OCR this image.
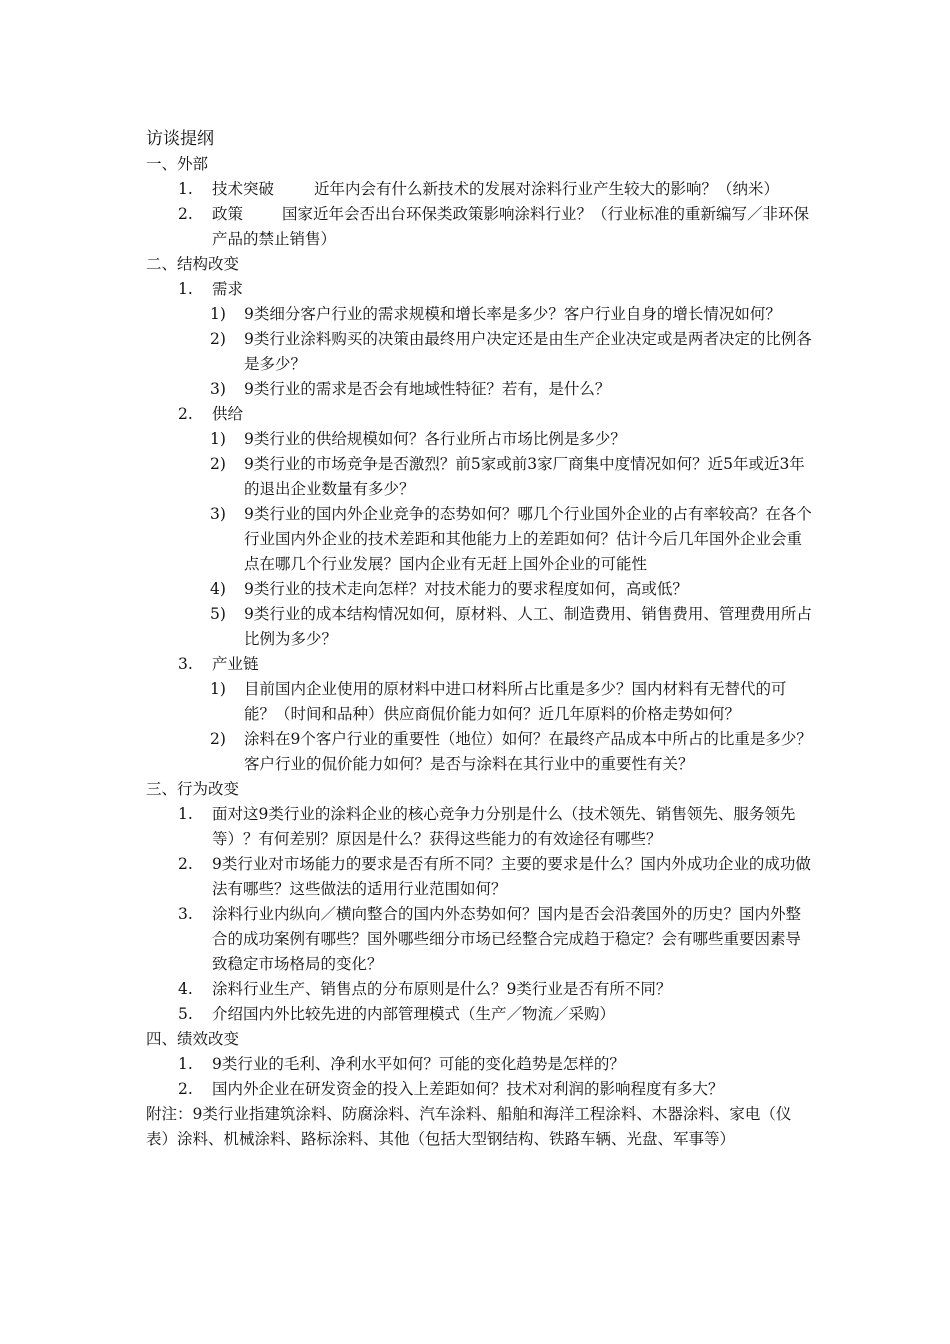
访谈提纲
一、外部
1.	技术突破	近年内会有什么新技术的发展对涂料行业产生较大的影响？（纳米）
2.	政策	国家近年会否出台环保类政策影响涂料行业？（行业标准的重新编写／非环保产品的禁止销售）
二、结构改变
1.	需求
1)	9类细分客户行业的需求规模和增长率是多少？客户行业自身的增长情况如何？
2)	9类行业涂料购买的决策由最终用户决定还是由生产企业决定或是两者决定的比例各是多少？
3)	9类行业的需求是否会有地域性特征？若有，是什么？
2.	供给
1)	9类行业的供给规模如何？各行业所占市场比例是多少？
2)	9类行业的市场竞争是否激烈？前5家或前3家厂商集中度情况如何？近5年或近3年的退出企业数量有多少？
3)	9类行业的国内外企业竞争的态势如何？哪几个行业国外企业的占有率较高？在各个行业国内外企业的技术差距和其他能力上的差距如何？估计今后几年国外企业会重点在哪几个行业发展？国内企业有无赶上国外企业的可能性
4)	9类行业的技术走向怎样？对技术能力的要求程度如何，高或低？
5)	9类行业的成本结构情况如何，原材料、人工、制造费用、销售费用、管理费用所占比例为多少？
3.	产业链
1)	目前国内企业使用的原材料中进口材料所占比重是多少？国内材料有无替代的可能？（时间和品种）供应商侃价能力如何？近几年原料的价格走势如何？
2)	涂料在9个客户行业的重要性（地位）如何？在最终产品成本中所占的比重是多少？客户行业的侃价能力如何？是否与涂料在其行业中的重要性有关？
三、行为改变
1.	面对这9类行业的涂料企业的核心竞争力分别是什么（技术领先、销售领先、服务领先等）？有何差别？原因是什么？获得这些能力的有效途径有哪些？
2.	9类行业对市场能力的要求是否有所不同？主要的要求是什么？国内外成功企业的成功做法有哪些？这些做法的适用行业范围如何？
3.	涂料行业内纵向／横向整合的国内外态势如何？国内是否会沿袭国外的历史？国内外整合的成功案例有哪些？国外哪些细分市场已经整合完成趋于稳定？会有哪些重要因素导致稳定市场格局的变化？
4.	涂料行业生产、销售点的分布原则是什么？9类行业是否有所不同？
5.	介绍国内外比较先进的内部管理模式（生产／物流／采购）
四、绩效改变
1.	9类行业的毛利、净利水平如何？可能的变化趋势是怎样的？
2.	国内外企业在研发资金的投入上差距如何？技术对利润的影响程度有多大？
附注：9类行业指建筑涂料、防腐涂料、汽车涂料、船舶和海洋工程涂料、木器涂料、家电（仪表）涂料、机械涂料、路标涂料、其他（包括大型钢结构、铁路车辆、光盘、军事等）
